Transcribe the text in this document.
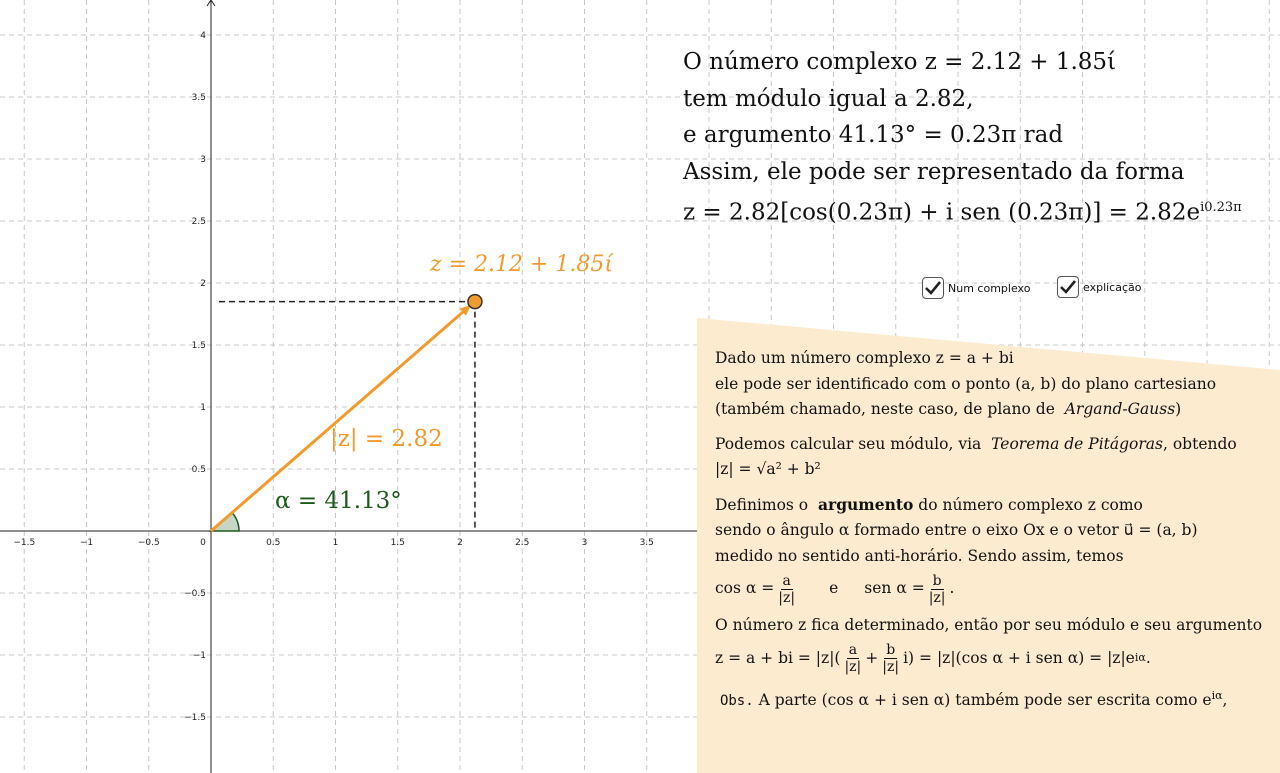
−1.5	−1	−0.5	0	0.5	1	1.5	2	2.5	3	3.5
4
3.5
3
2.5
2
1.5
1
0.5
−0.5
−1
−1.5
z = 2.12 + 1.85ί
|z| = 2.82
α = 41.13°
O número complexo z = 2.12 + 1.85ί
tem módulo igual a 2.82,
e argumento 41.13° = 0.23π rad
Assim, ele pode ser representado da forma
z = 2.82[cos(0.23π) + i sen $(0.23\pi)] = 2.82e^{i0.23\pi}$
Num complexo	explicação

Dado um número complexo z = a + bi

ele pode ser identificado com o ponto (a, b) do plano cartesiano

(também chamado, neste caso, de plano de Argand-Gauss)

Podemos calcular seu módulo, via Teorema de Pitágoras, obtendo

|z| = √a² + b²

Definimos o argumento do número complexo z como

sendo o ângulo α formado entre o eixo Ox e o vetor u⃗ = (a, b)

medido no sentido anti-horário. Sendo assim, temos

$\cos \alpha = \frac{a}{|z|}$ e sen $\alpha = \frac{b}{|z|}$ .

O número z fica determinado, então por seu módulo e seu argumento

z = a + bi = $|z|( \frac{a}{|z|} + \frac{b}{|z|} i) = |z|(\cos$ α + i sen α) = |z|e iα .

Obs. A parte (cos α + i sen α) também pode ser escrita como $e^{i\alpha}$,
